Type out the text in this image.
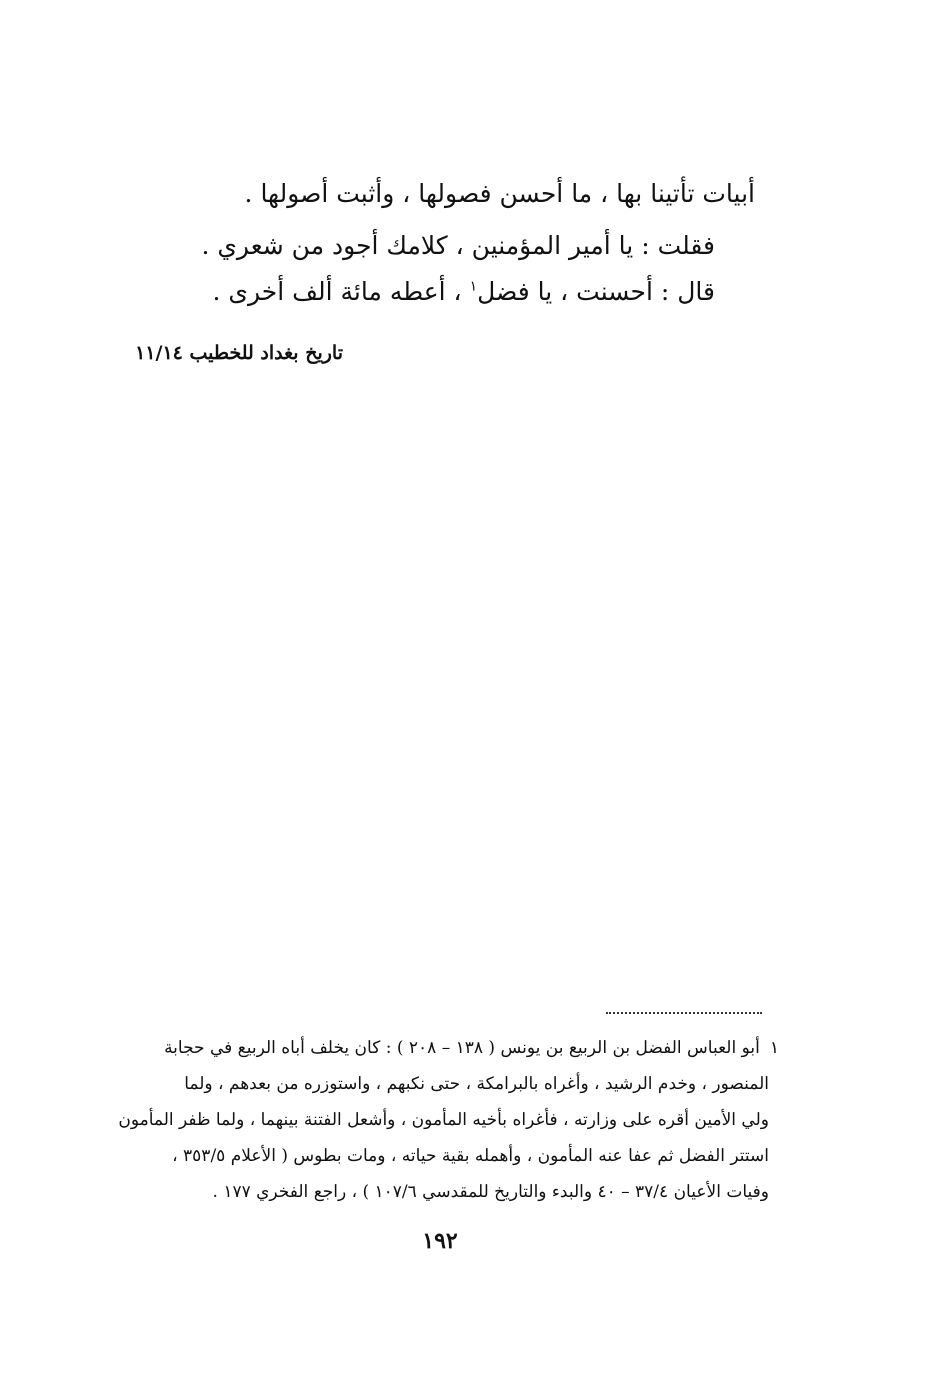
أبيات تأتينا بها ، ما أحسن فصولها ، وأثبت أصولها .
فقلت : يا أمير المؤمنين ، كلامك أجود من شعري .
قال : أحسنت ، يا فضل$^١$ ، أعطه مائة ألف أخرى .
تاريخ بغداد للخطيب ١١/١٤
١أبو العباس الفضل بن الربيع بن يونس ( ١٣٨ – ٢٠٨ ) : كان يخلف أباه الربيع في حجابة
المنصور ، وخدم الرشيد ، وأغراه بالبرامكة ، حتى نكبهم ، واستوزره من بعدهم ، ولما
ولي الأمين أقره على وزارته ، فأغراه بأخيه المأمون ، وأشعل الفتنة بينهما ، ولما ظفر المأمون
استتر الفضل ثم عفا عنه المأمون ، وأهمله بقية حياته ، ومات بطوس ( الأعلام ٣٥٣/٥ ،
وفيات الأعيان ٣٧/٤ – ٤٠ والبدء والتاريخ للمقدسي ١٠٧/٦ ) ، راجع الفخري ١٧٧ .
١٩٢
